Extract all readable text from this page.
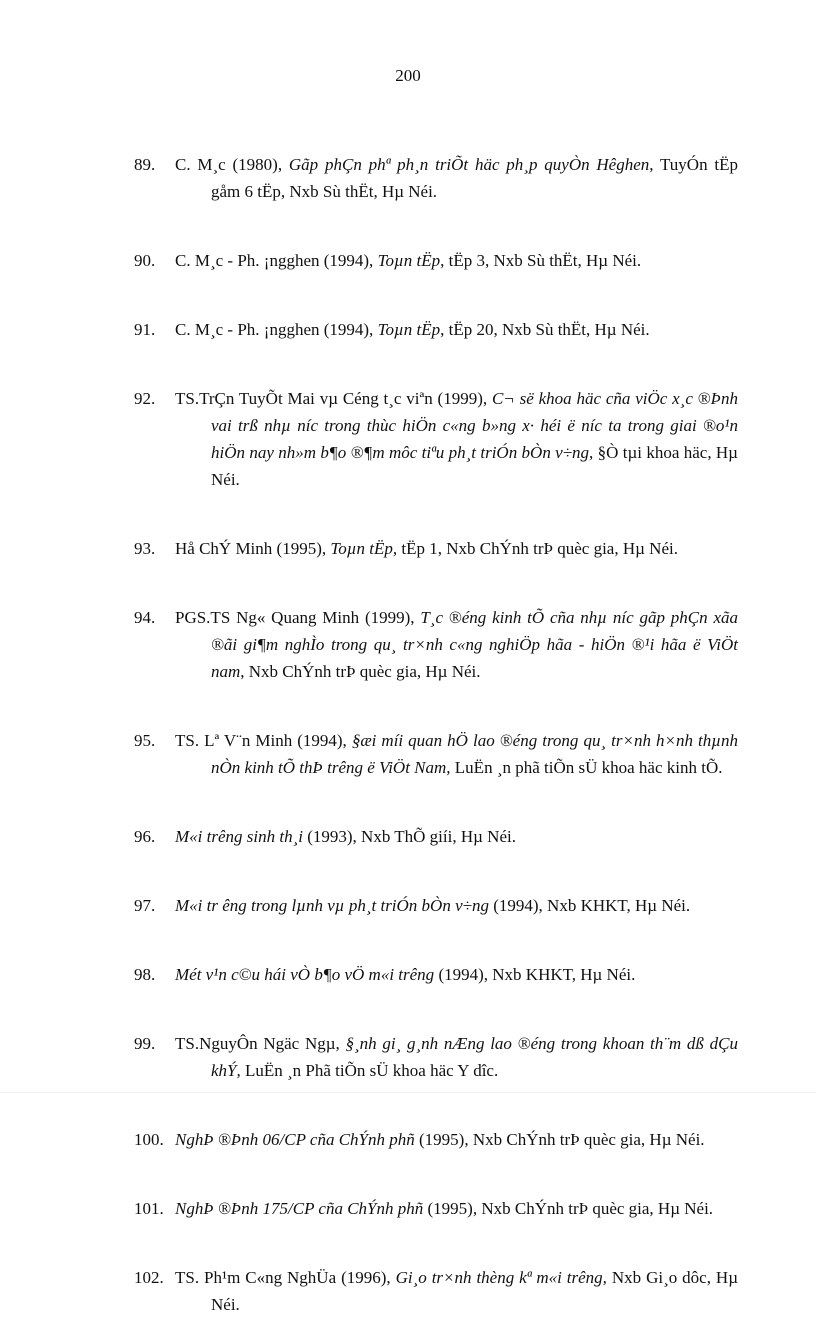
200
89. C. M¸c (1980), Gãp phÇn phª ph¸n triÕt häc ph¸p quyÒn Hêghen, TuyÓn tËp gåm 6 tËp, Nxb Sù thËt, Hµ Néi.

90. C. M¸c - Ph. ¡ngghen (1994), Toµn tËp, tËp 3, Nxb Sù thËt, Hµ Néi.

91. C. M¸c - Ph. ¡ngghen (1994), Toµn tËp, tËp 20, Nxb Sù thËt, Hµ Néi.

92. TS.TrÇn TuyÕt Mai vµ Céng t¸c viªn (1999), C¬ së khoa häc cña viÖc x¸c ®Þnh vai trß nhµ níc trong thùc hiÖn c«ng b»ng x· héi ë níc ta trong giai ®o¹n hiÖn nay nh»m b¶o ®¶m môc tiªu ph¸t triÓn bÒn v÷ng, §Ò tµi khoa häc, Hµ Néi.

93. Hå ChÝ Minh (1995), Toµn tËp, tËp 1, Nxb ChÝnh trÞ quèc gia, Hµ Néi.

94. PGS.TS Ng« Quang Minh (1999), T¸c ®éng kinh tÕ cña nhµ níc gãp phÇn xãa ®ãi gi¶m nghÌo trong qu¸ tr×nh c«ng nghiÖp hãa - hiÖn ®¹i hãa ë ViÖt nam, Nxb ChÝnh trÞ quèc gia, Hµ Néi.

95. TS. Lª V¨n Minh (1994), §æi míi quan hÖ lao ®éng trong qu¸ tr×nh h×nh thµnh nÒn kinh tÕ thÞ trêng ë ViÖt Nam, LuËn ¸n phã tiÕn sÜ khoa häc kinh tÕ.

96. M«i trêng sinh th¸i (1993), Nxb ThÕ giíi, Hµ Néi.

97. M«i tr êng trong lµnh vµ ph¸t triÓn bÒn v÷ng (1994), Nxb KHKT, Hµ Néi.

98. Mét v¹n c©u hái vÒ b¶o vÖ m«i trêng (1994), Nxb KHKT, Hµ Néi.

99. TS.NguyÔn Ngäc Ngµ, §¸nh gi¸ g¸nh nÆng lao ®éng trong khoan th¨m dß dÇu khÝ, LuËn ¸n Phã tiÕn sÜ khoa häc Y dîc.

100. NghÞ ®Þnh 06/CP cña ChÝnh phñ (1995), Nxb ChÝnh trÞ quèc gia, Hµ Néi.

101. NghÞ ®Þnh 175/CP cña ChÝnh phñ (1995), Nxb ChÝnh trÞ quèc gia, Hµ Néi.

102. TS. Ph¹m C«ng NghÜa (1996), Gi¸o tr×nh thèng kª m«i trêng, Nxb Gi¸o dôc, Hµ Néi.
